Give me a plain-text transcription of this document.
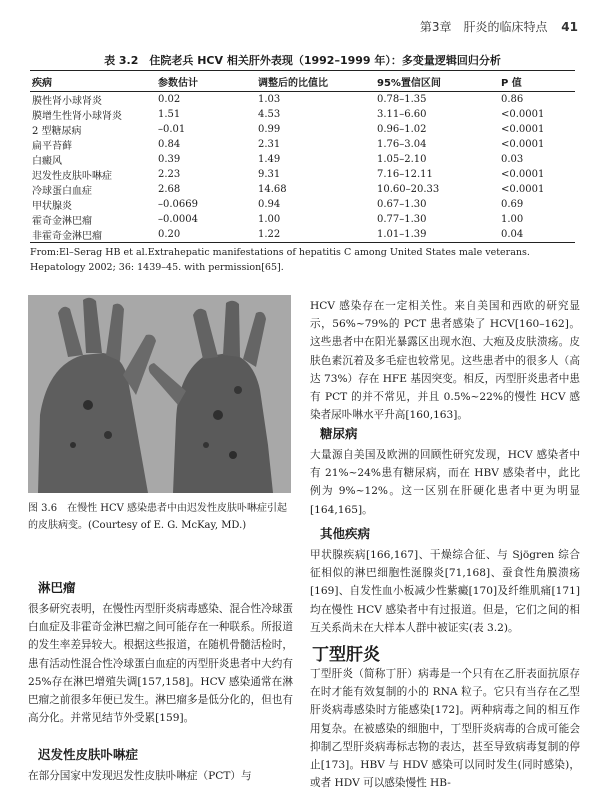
第3章　肝炎的临床特点 41
表 3.2　住院老兵 HCV 相关肝外表现（1992–1999 年）：多变量逻辑回归分析
疾病	参数估计	调整后的比值比	95%置信区间	P 值
膜性肾小球肾炎	0.02	1.03	0.78–1.35	0.86
膜增生性肾小球肾炎	1.51	4.53	3.11–6.60	<0.0001
2 型糖尿病	–0.01	0.99	0.96–1.02	<0.0001
扁平苔藓	0.84	2.31	1.76–3.04	<0.0001
白癜风	0.39	1.49	1.05–2.10	0.03
迟发性皮肤卟啉症	2.23	9.31	7.16–12.11	<0.0001
冷球蛋白血症	2.68	14.68	10.60–20.33	<0.0001
甲状腺炎	–0.0669	0.94	0.67–1.30	0.69
霍奇金淋巴瘤	–0.0004	1.00	0.77–1.30	1.00
非霍奇金淋巴瘤	0.20	1.22	1.01–1.39	0.04
From:El–Serag HB et al.Extrahepatic manifestations of hepatitis C among United States male veterans. Hepatology 2002; 36: 1439–45. with permission[65].
图 3.6　在慢性 HCV 感染患者中由迟发性皮肤卟啉症引起的皮肤病变。(Courtesy of E. G. McKay, MD.)
淋巴瘤
很多研究表明，在慢性丙型肝炎病毒感染、混合性冷球蛋白血症及非霍奇金淋巴瘤之间可能存在一种联系。所报道的发生率差异较大。根据这些报道，在随机骨髓活检时，患有活动性混合性冷球蛋白血症的丙型肝炎患者中大约有 25%存在淋巴增殖失调[157,158]。HCV 感染通常在淋巴瘤之前很多年便已发生。淋巴瘤多是低分化的，但也有高分化。并常见结节外受累[159]。
迟发性皮肤卟啉症
在部分国家中发现迟发性皮肤卟啉症（PCT）与
HCV 感染存在一定相关性。来自美国和西欧的研究显示，56%~79%的 PCT 患者感染了 HCV[160–162]。这些患者中在阳光暴露区出现水泡、大疱及皮肤溃疡。皮肤色素沉着及多毛症也较常见。这些患者中的很多人（高达 73%）存在 HFE 基因突变。相反，丙型肝炎患者中患有 PCT 的并不常见，并且 0.5%~22%的慢性 HCV 感染者尿卟啉水平升高[160,163]。
糖尿病
大量源自美国及欧洲的回顾性研究发现，HCV 感染者中有 21%~24%患有糖尿病，而在 HBV 感染者中，此比例为 9%~12%。这一区别在肝硬化患者中更为明显[164,165]。
其他疾病
甲状腺疾病[166,167]、干燥综合征、与 Sjögren 综合征相似的淋巴细胞性涎腺炎[71,168]、蚕食性角膜溃疡[169]、自发性血小板减少性紫癜[170]及纤维肌痛[171]均在慢性 HCV 感染者中有过报道。但是，它们之间的相互关系尚未在大样本人群中被证实(表 3.2)。
丁型肝炎
丁型肝炎（简称丁肝）病毒是一个只有在乙肝表面抗原存在时才能有效复制的小的 RNA 粒子。它只有当存在乙型肝炎病毒感染时方能感染[172]。两种病毒之间的相互作用复杂。在被感染的细胞中，丁型肝炎病毒的合成可能会抑制乙型肝炎病毒标志物的表达，甚至导致病毒复制的停止[173]。HBV 与 HDV 感染可以同时发生(同时感染)，或者 HDV 可以感染慢性 HB-
